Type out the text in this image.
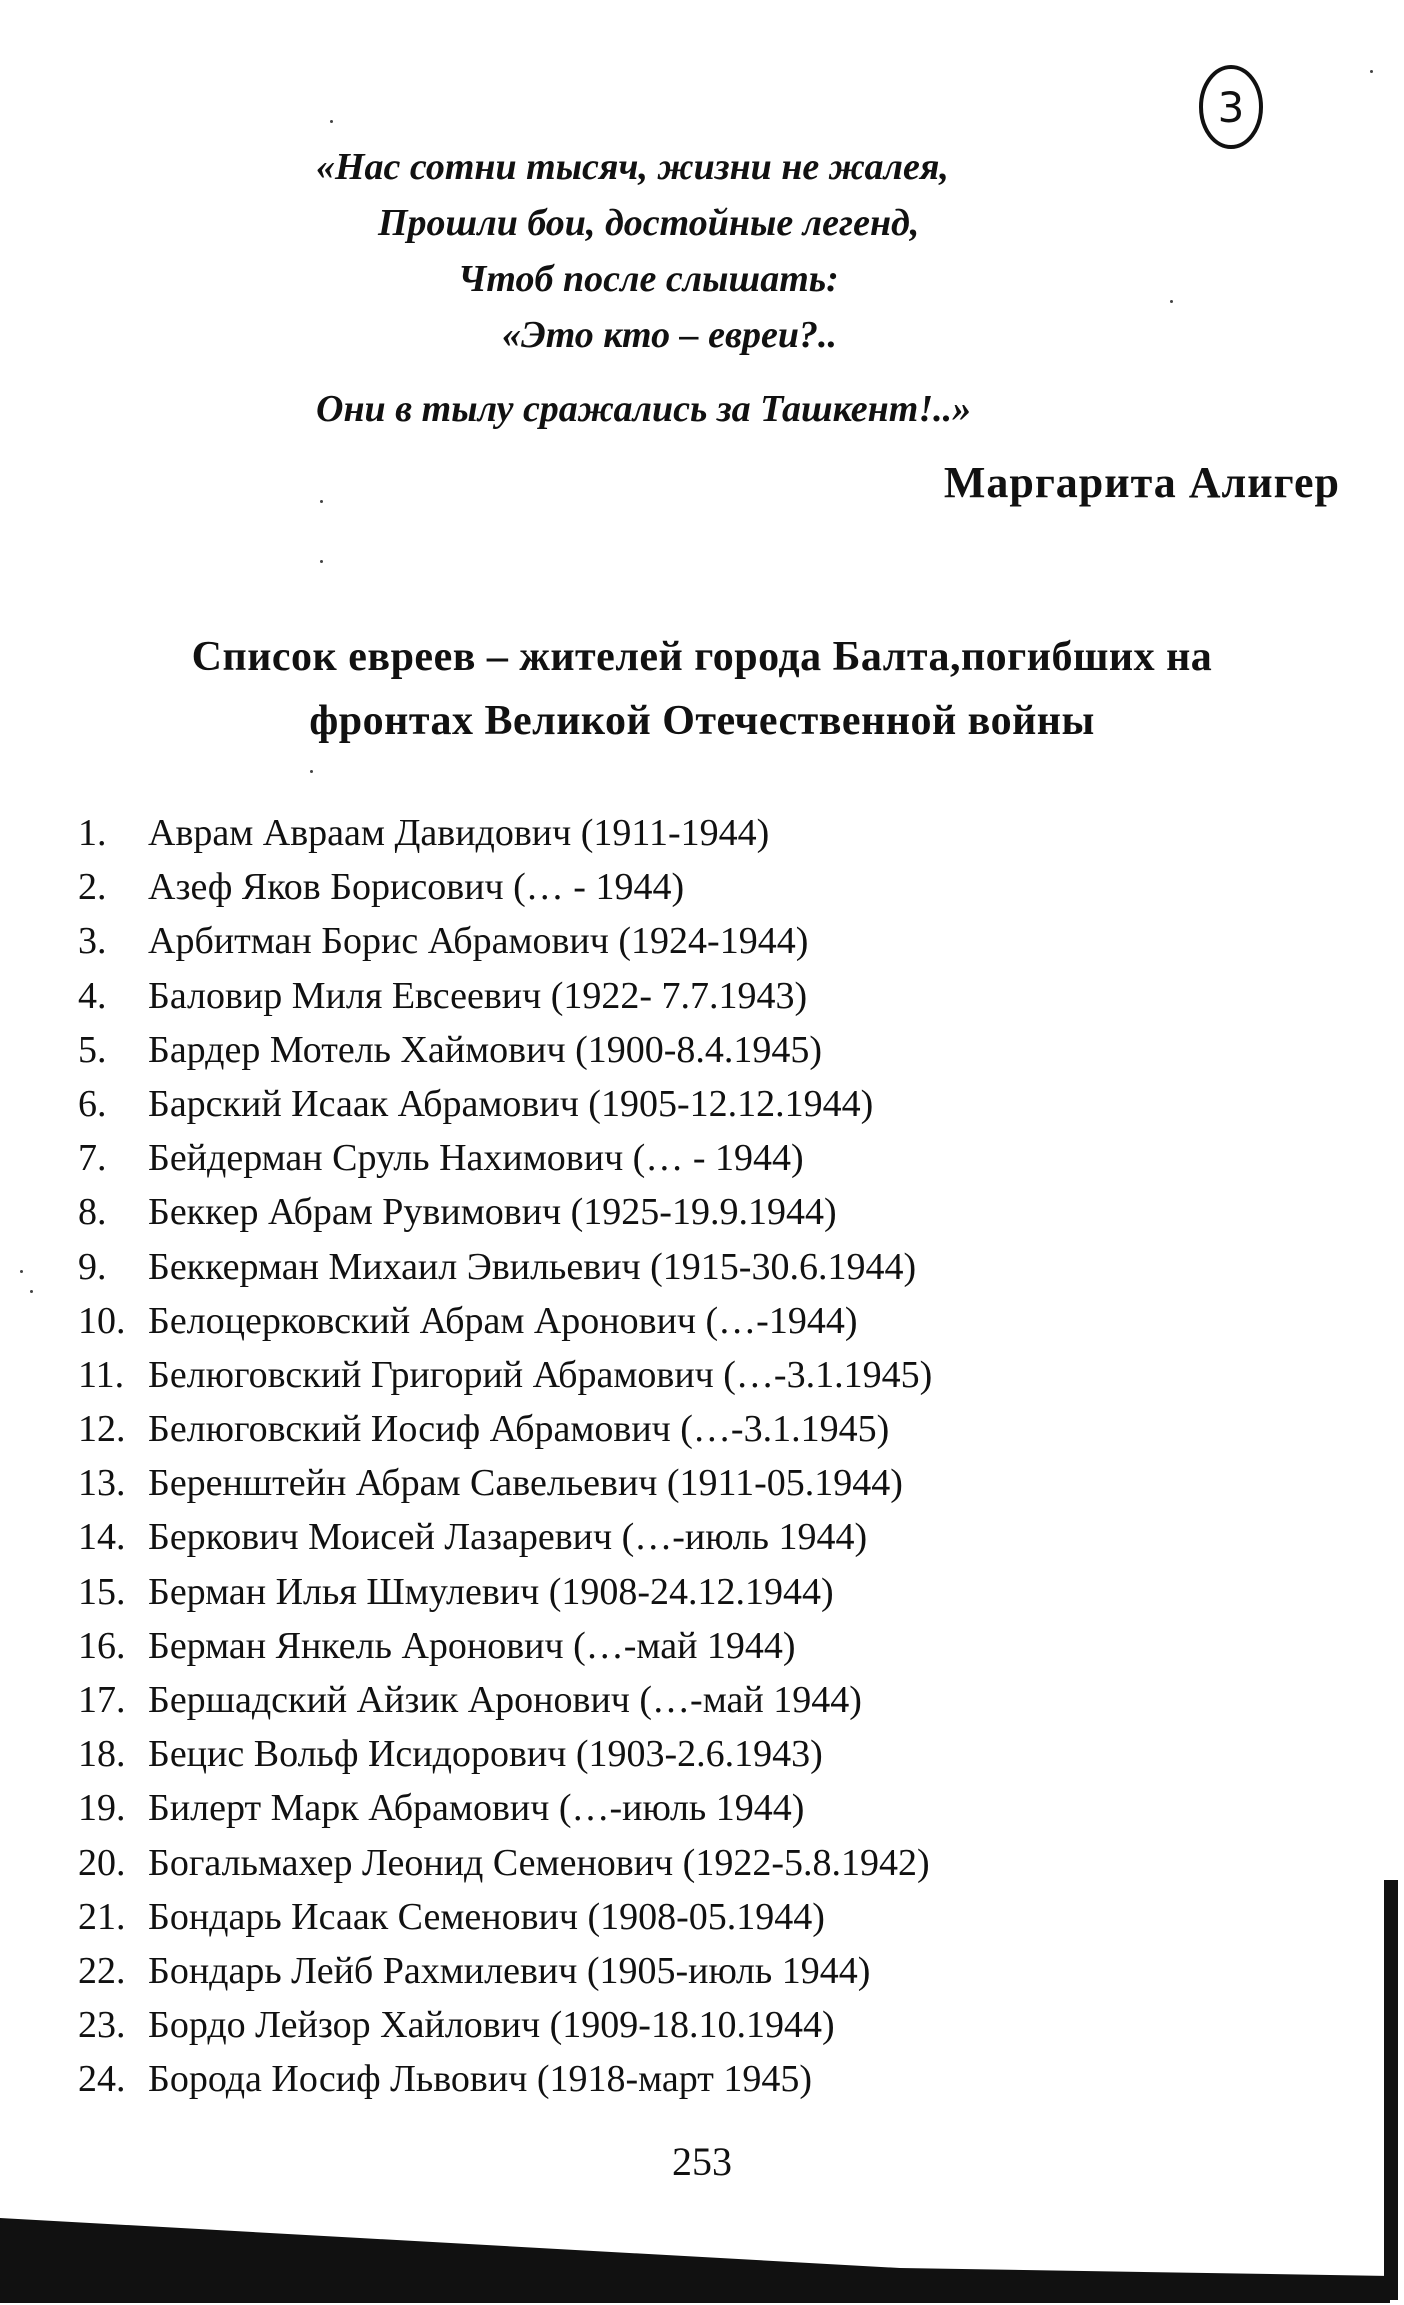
3
«Нас сотни тысяч, жизни не жалея,
Прошли бои, достойные легенд,
Чтоб после слышать:
«Это кто – евреи?..
Они в тылу сражались за Ташкент!..»
Маргарита Алигер
Список евреев – жителей города Балта,погибших на
фронтах Великой Отечественной войны
1. Аврам Авраам Давидович (1911-1944)
2. Азеф Яков Борисович (… - 1944)
3. Арбитман Борис Абрамович (1924-1944)
4. Баловир Миля Евсеевич (1922- 7.7.1943)
5. Бардер Мотель Хаймович (1900-8.4.1945)
6. Барский Исаак Абрамович (1905-12.12.1944)
7. Бейдерман Сруль Нахимович (… - 1944)
8. Беккер Абрам Рувимович (1925-19.9.1944)
9. Беккерман Михаил Эвильевич (1915-30.6.1944)
10. Белоцерковский Абрам Аронович (…-1944)
11. Белюговский Григорий Абрамович (…-3.1.1945)
12. Белюговский Иосиф Абрамович (…-3.1.1945)
13. Беренштейн Абрам Савельевич (1911-05.1944)
14. Беркович Моисей Лазаревич (…-июль 1944)
15. Берман Илья Шмулевич (1908-24.12.1944)
16. Берман Янкель Аронович (…-май 1944)
17. Бершадский Айзик Аронович (…-май 1944)
18. Бецис Вольф Исидорович (1903-2.6.1943)
19. Билерт Марк Абрамович (…-июль 1944)
20. Богальмахер Леонид Семенович (1922-5.8.1942)
21. Бондарь Исаак Семенович (1908-05.1944)
22. Бондарь Лейб Рахмилевич (1905-июль 1944)
23. Бордо Лейзор Хайлович (1909-18.10.1944)
24. Борода Иосиф Львович (1918-март 1945)
253
